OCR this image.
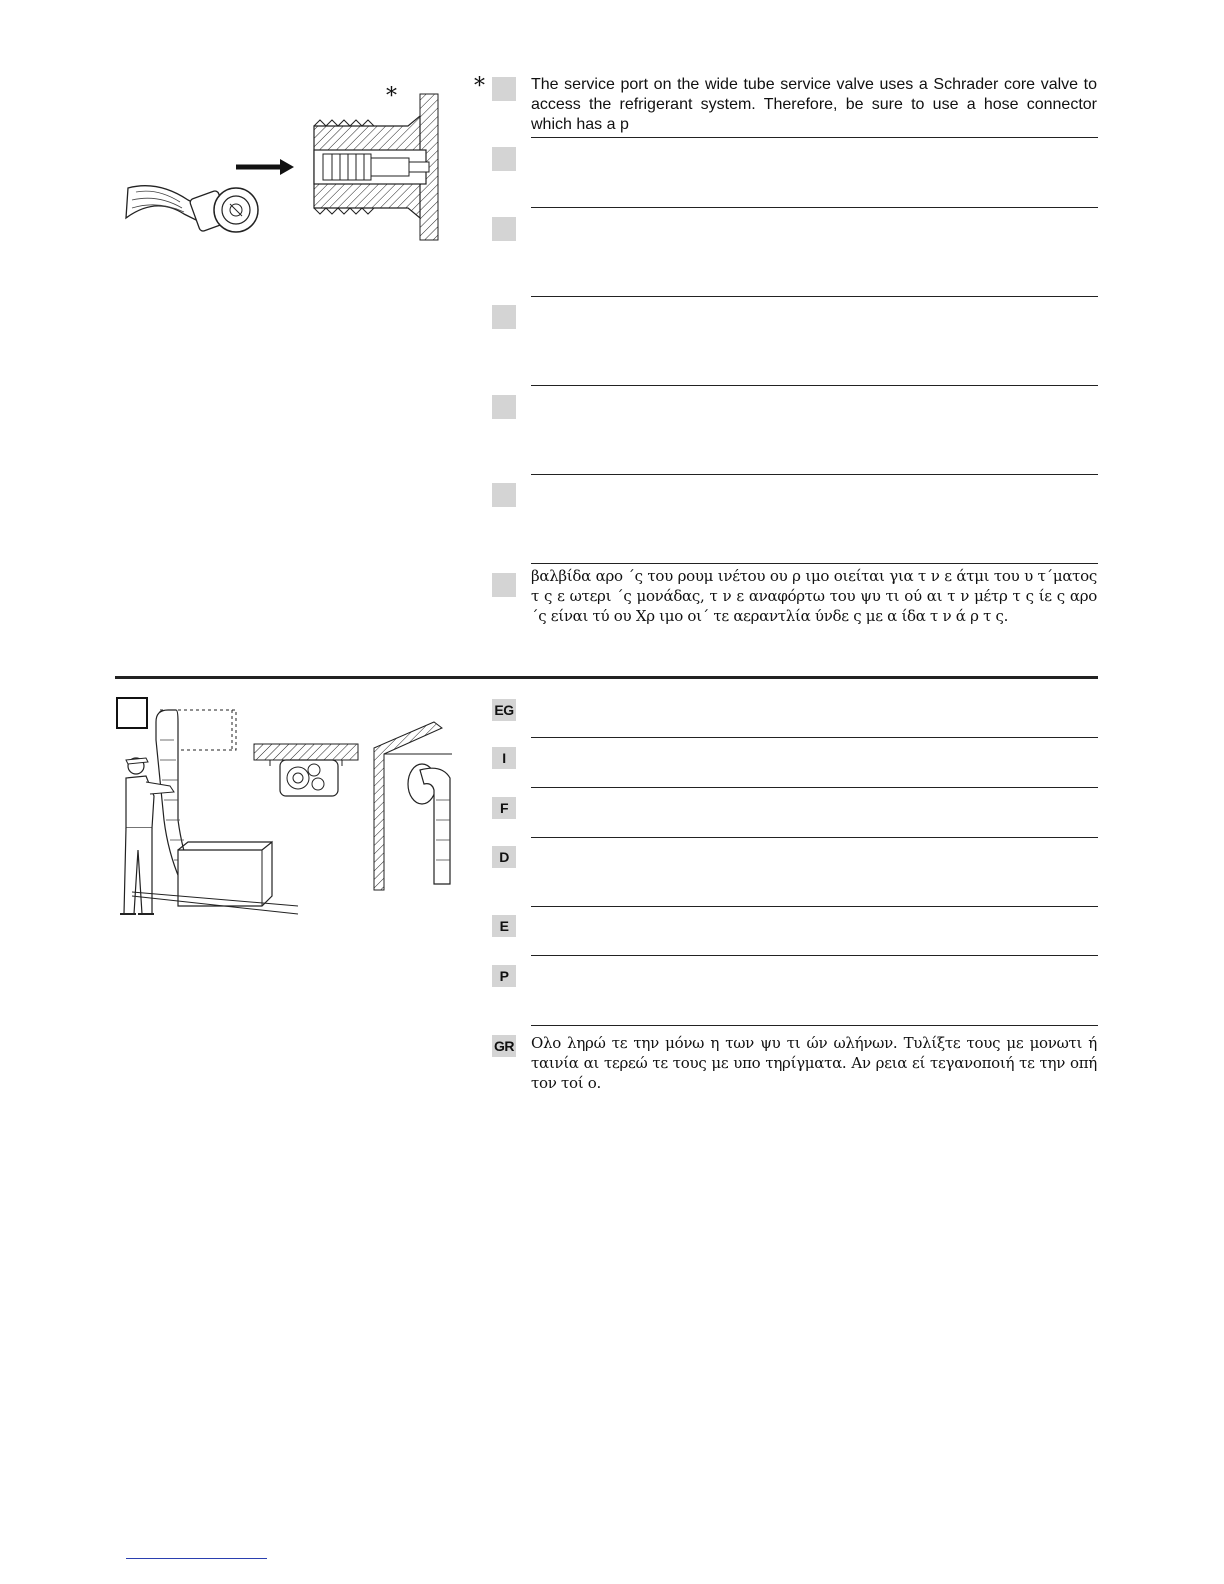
*	*	The service port on the wide tube service valve uses a Schrader core valve to access the refrigerant system. Therefore, be sure to use a hose connector which has a p
βαλβίδα αρο ΄ς του ρουμ ινέτου ου ρ ιμο οιείται για τ ν ε άτμι του υ τ΄ματος τ ς ε ωτερι ΄ς μονάδας, τ ν ε αναφόρτω του ψυ τι ού αι τ ν μέτρ τ ς ίε ς αρο ΄ς είναι τύ ου Χρ ιμο οι΄ τε αεραντλία ύνδε ς με α ίδα τ ν ά ρ τ ς.
EG
I
F
D
E
P
GR Ολο ληρώ τε την μόνω η των ψυ τι ών ωλήνων. Τυλίξτε τους με μονωτι ή ταινία αι τερεώ τε τους με υπο τηρίγματα. Αν ρεια εί τεγανοποιή τε την οπή τον τοί ο.
